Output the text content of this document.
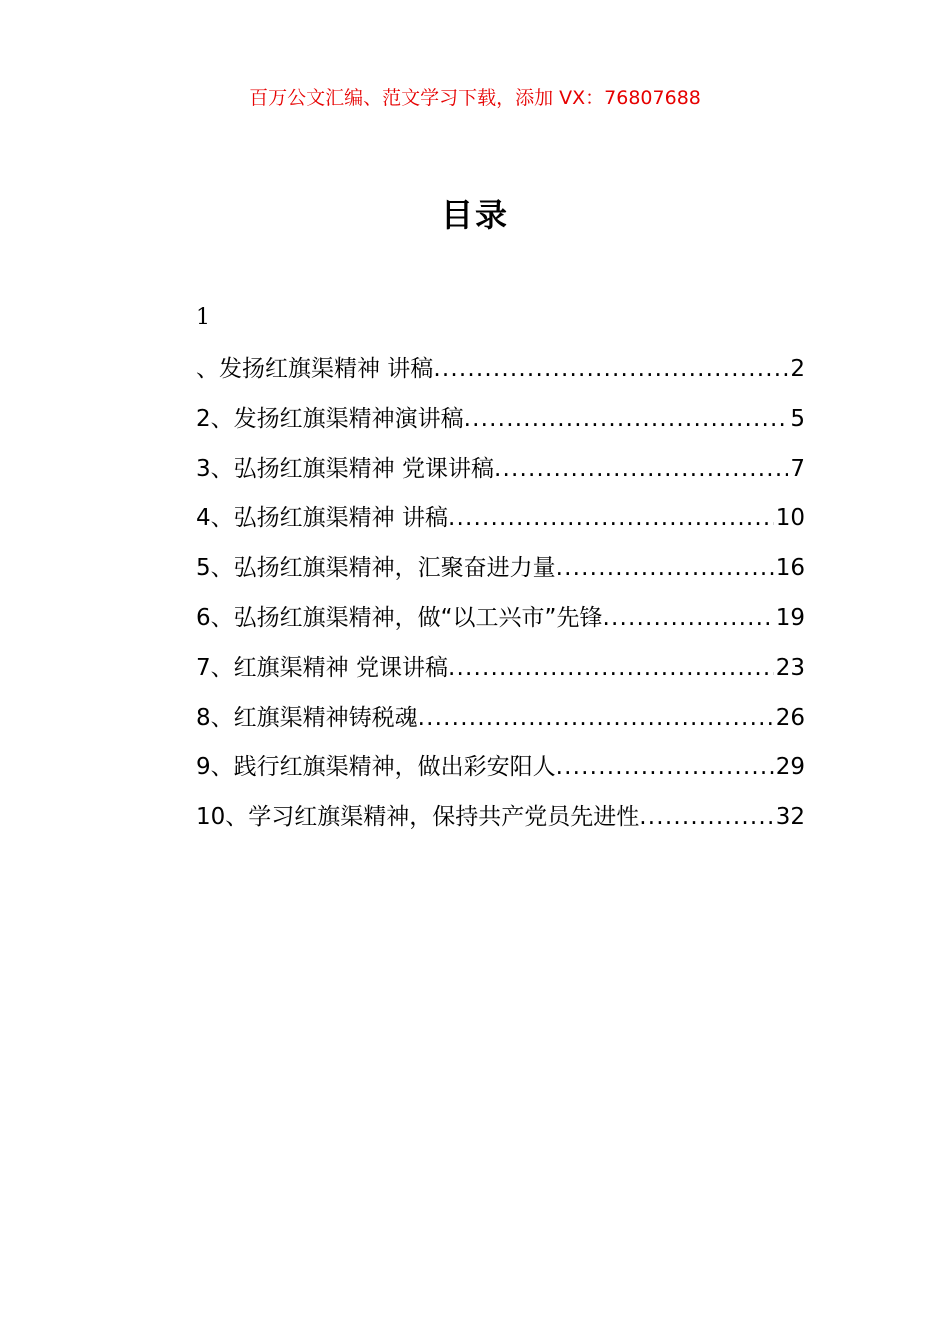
百万公文汇编、范文学习下载，添加 VX：76807688
目录
1
、发扬红旗渠精神 讲稿 .....	2
2、发扬红旗渠精神演讲稿 .....	5
3、弘扬红旗渠精神 党课讲稿 .....	7
4、弘扬红旗渠精神 讲稿 .....	10
5、弘扬红旗渠精神，汇聚奋进力量 .....	16
6、弘扬红旗渠精神，做“以工兴市”先锋 .....	19
7、红旗渠精神 党课讲稿 .....	23
8、红旗渠精神铸税魂 .....	26
9、践行红旗渠精神，做出彩安阳人 .....	29
10、学习红旗渠精神，保持共产党员先进性 .....	32
